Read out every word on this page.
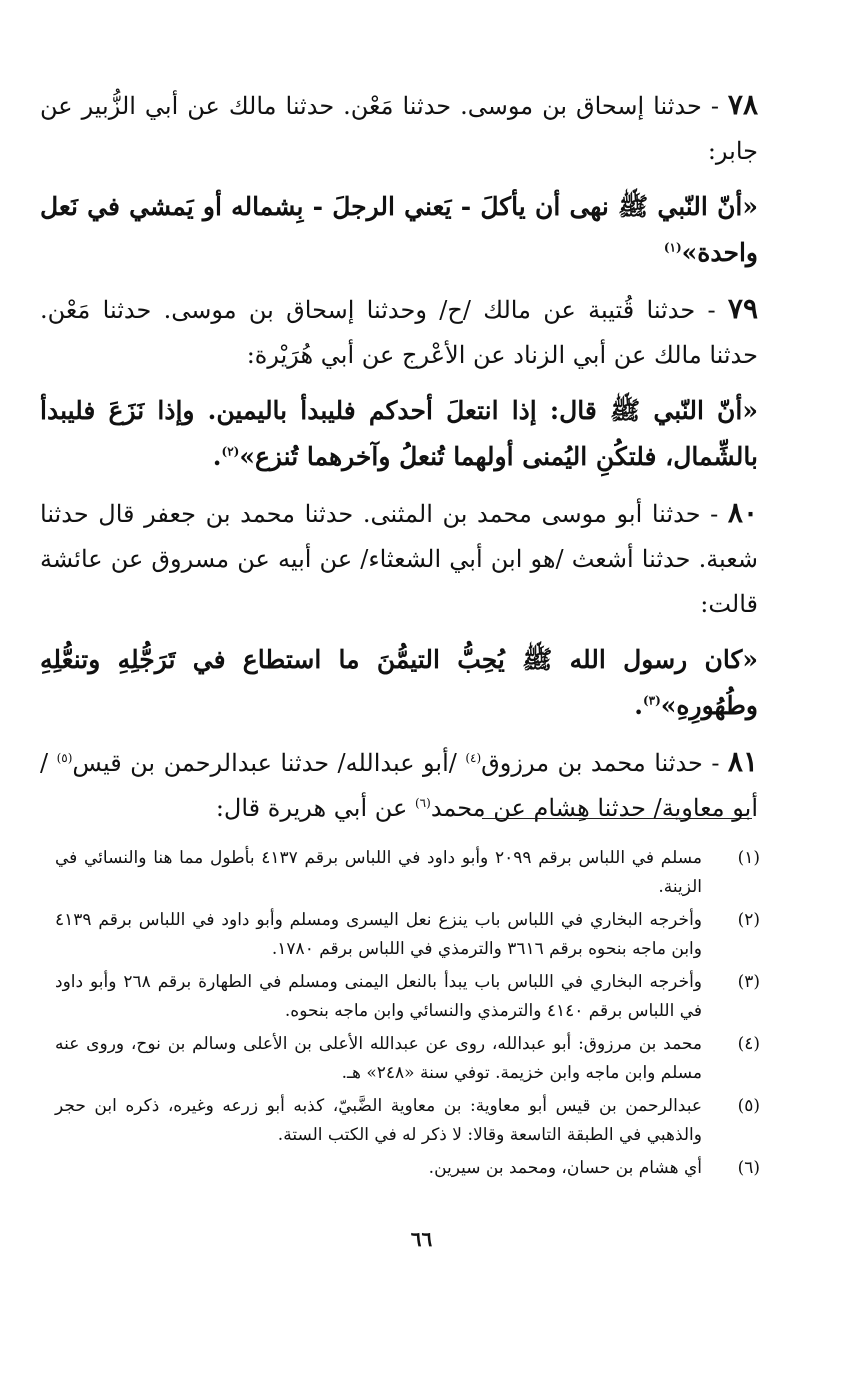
٧٨ - حدثنا إسحاق بن موسى. حدثنا مَعْن. حدثنا مالك عن أبي الزُّبير عن جابر:

«أنّ النّبي ﷺ نهى أن يأكلَ - يَعني الرجلَ - بِشماله أو يَمشي في نَعل واحدة»$^{(١)}$

٧٩ - حدثنا قُتيبة عن مالك /ح/ وحدثنا إسحاق بن موسى. حدثنا مَعْن. حدثنا مالك عن أبي الزناد عن الأعْرج عن أبي هُرَيْرة:

«أنّ النّبي ﷺ قال: إذا انتعلَ أحدكم فليبدأ باليمين. وإذا نَزَعَ فليبدأ بالشِّمال، فلتكُنِ اليُمنى أولهما تُنعلُ وآخرهما تُنزع»$^{(٢)}$.

٨٠ - حدثنا أبو موسى محمد بن المثنى. حدثنا محمد بن جعفر قال حدثنا شعبة. حدثنا أشعث /هو ابن أبي الشعثاء/ عن أبيه عن مسروق عن عائشة قالت:

«كان رسول الله ﷺ يُحِبُّ التيمُّنَ ما استطاع في تَرَجُّلِهِ وتنعُّلِهِ وطُهُورِهِ»$^{(٣)}$.

٨١ - حدثنا محمد بن مرزوق$^{(٤)}$ /أبو عبدالله/ حدثنا عبدالرحمن بن قيس$^{(٥)}$ /أبو معاوية/ حدثنا هِشام عن محمد$^{(٦)}$ عن أبي هريرة قال:

(١)
مسلم في اللباس برقم ٢٠٩٩ وأبو داود في اللباس برقم ٤١٣٧ بأطول مما هنا والنسائي في الزينة.
(٢)
وأخرجه البخاري في اللباس باب ينزع نعل اليسرى ومسلم وأبو داود في اللباس برقم ٤١٣٩ وابن ماجه بنحوه برقم ٣٦١٦ والترمذي في اللباس برقم ١٧٨٠.
(٣)
وأخرجه البخاري في اللباس باب يبدأ بالنعل اليمنى ومسلم في الطهارة برقم ٢٦٨ وأبو داود في اللباس برقم ٤١٤٠ والترمذي والنسائي وابن ماجه بنحوه.
(٤)
محمد بن مرزوق: أبو عبدالله، روى عن عبدالله الأعلى بن الأعلى وسالم بن نوح، وروى عنه مسلم وابن ماجه وابن خزيمة. توفي سنة «٢٤٨» هـ.
(٥)
عبدالرحمن بن قيس أبو معاوية: بن معاوية الضَّبيّ، كذبه أبو زرعه وغيره، ذكره ابن حجر والذهبي في الطبقة التاسعة وقالا: لا ذكر له في الكتب الستة.
(٦)
أي هشام بن حسان، ومحمد بن سيرين.
٦٦
